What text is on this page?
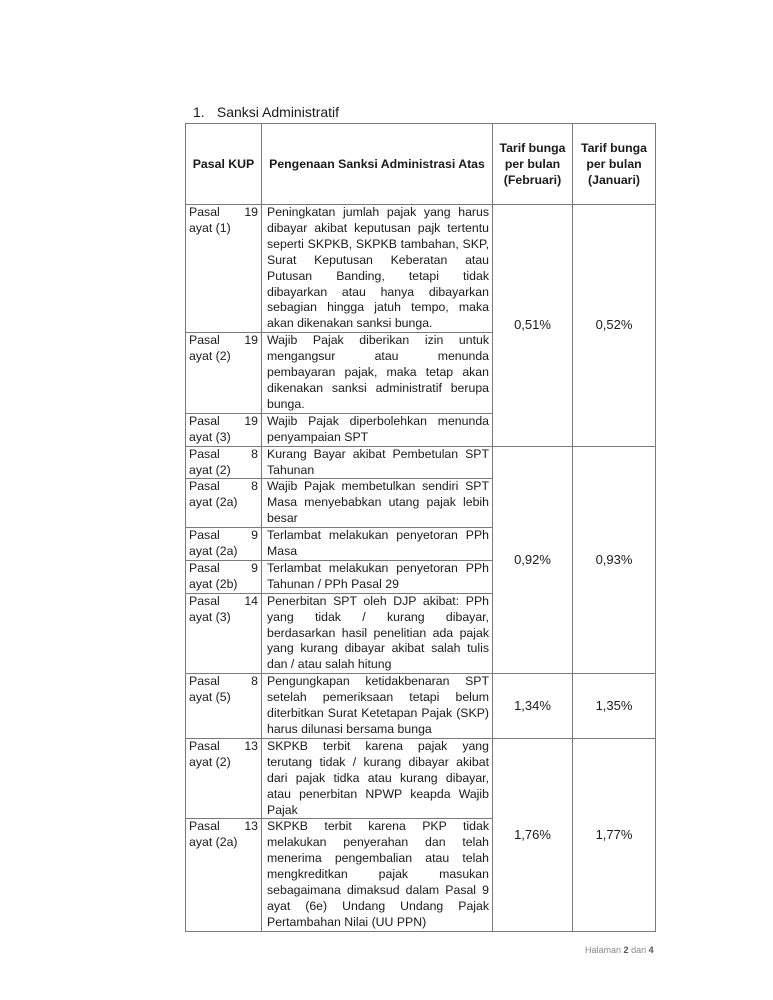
1. Sanksi Administratif
Pasal KUP	Pengenaan Sanksi Administrasi Atas	Tarif bunga per bulan (Februari)	Tarif bunga per bulan (Januari)

Pasal 19
ayat (1)	Peningkatan jumlah pajak yang harus dibayar akibat keputusan pajk tertentu seperti SKPKB, SKPKB tambahan, SKP, Surat Keputusan Keberatan atau Putusan Banding, tetapi tidak dibayarkan atau hanya dibayarkan sebagian hingga jatuh tempo, maka akan dikenakan sanksi bunga.	0,51%	0,52%

Pasal 19
ayat (2)	Wajib Pajak diberikan izin untuk mengangsur atau menunda pembayaran pajak, maka tetap akan dikenakan sanksi administratif berupa bunga.		

Pasal 19
ayat (3)	Wajib Pajak diperbolehkan menunda penyampaian SPT		

Pasal 8
ayat (2)	Kurang Bayar akibat Pembetulan SPT Tahunan	0,92%	0,93%

Pasal 8
ayat (2a)	Wajib Pajak membetulkan sendiri SPT Masa menyebabkan utang pajak lebih besar		

Pasal 9
ayat (2a)	Terlambat melakukan penyetoran PPh Masa		

Pasal 9
ayat (2b)	Terlambat melakukan penyetoran PPh Tahunan / PPh Pasal 29		

Pasal 14
ayat (3)	Penerbitan SPT oleh DJP akibat: PPh yang tidak / kurang dibayar, berdasarkan hasil penelitian ada pajak yang kurang dibayar akibat salah tulis dan / atau salah hitung		

Pasal 8
ayat (5)	Pengungkapan ketidakbenaran SPT setelah pemeriksaan tetapi belum diterbitkan Surat Ketetapan Pajak (SKP) harus dilunasi bersama bunga	1,34%	1,35%

Pasal 13
ayat (2)	SKPKB terbit karena pajak yang terutang tidak / kurang dibayar akibat dari pajak tidka atau kurang dibayar, atau penerbitan NPWP keapda Wajib Pajak	1,76%	1,77%

Pasal 13
ayat (2a)	SKPKB terbit karena PKP tidak melakukan penyerahan dan telah menerima pengembalian atau telah mengkreditkan pajak masukan sebagaimana dimaksud dalam Pasal 9 ayat (6e) Undang Undang Pajak Pertambahan Nilai (UU PPN)		
Halaman 2 dari 4
